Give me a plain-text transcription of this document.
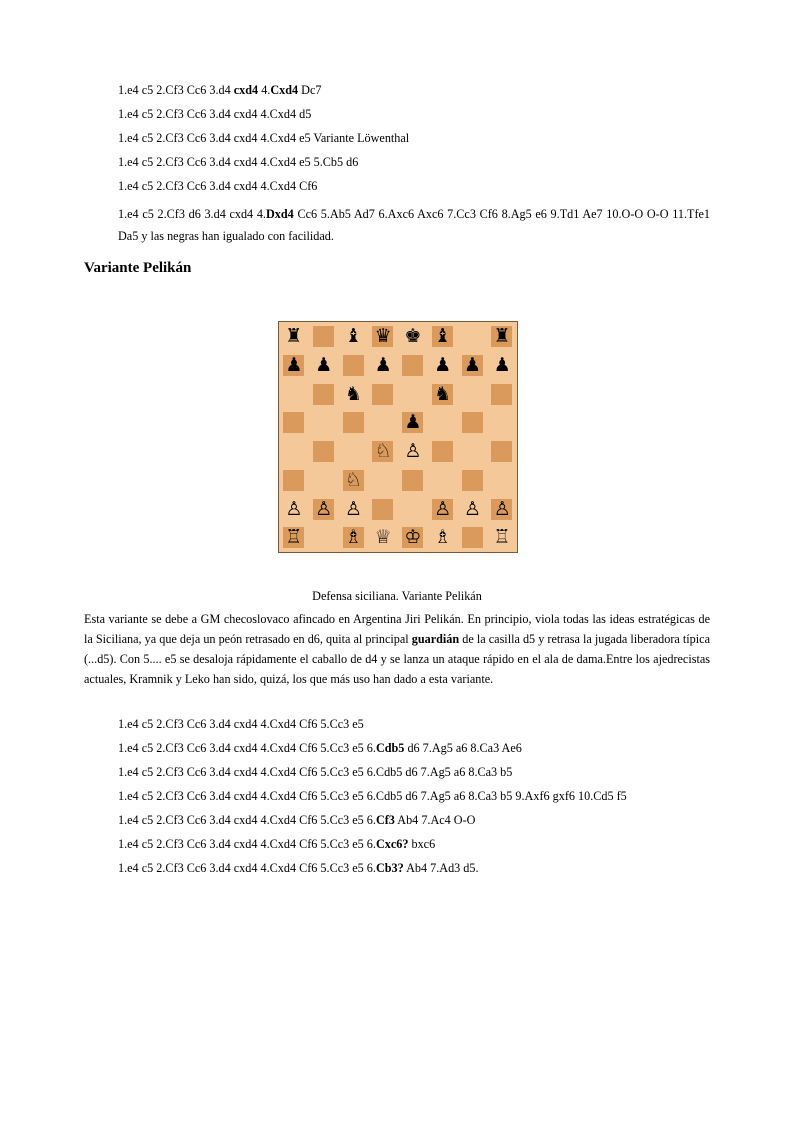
1.e4 c5 2.Cf3 Cc6 3.d4 cxd4 4.Cxd4 Dc7
1.e4 c5 2.Cf3 Cc6 3.d4 cxd4 4.Cxd4 d5
1.e4 c5 2.Cf3 Cc6 3.d4 cxd4 4.Cxd4 e5 Variante Löwenthal
1.e4 c5 2.Cf3 Cc6 3.d4 cxd4 4.Cxd4 e5 5.Cb5 d6
1.e4 c5 2.Cf3 Cc6 3.d4 cxd4 4.Cxd4 Cf6
1.e4 c5 2.Cf3 d6 3.d4 cxd4 4.Dxd4 Cc6 5.Ab5 Ad7 6.Axc6 Axc6 7.Cc3 Cf6 8.Ag5 e6 9.Td1 Ae7 10.O-O O-O 11.Tfe1 Da5 y las negras han igualado con facilidad.
Variante Pelikán
♜	♝ ♛ ♚ ♝	♜
♟ ♟	♟	♟ ♟ ♟
♞	♞
♟
♘ ♙
♘
♙ ♙ ♙	♙ ♙ ♙
♖	♗ ♕ ♔ ♗	♖
Defensa siciliana. Variante Pelikán
Esta variante se debe a GM checoslovaco afincado en Argentina Jiri Pelikán. En principio, viola todas las ideas estratégicas de la Siciliana, ya que deja un peón retrasado en d6, quita al principal guardián de la casilla d5 y retrasa la jugada liberadora típica (...d5). Con 5.... e5 se desaloja rápidamente el caballo de d4 y se lanza un ataque rápido en el ala de dama.Entre los ajedrecistas actuales, Kramnik y Leko han sido, quizá, los que más uso han dado a esta variante.
1.e4 c5 2.Cf3 Cc6 3.d4 cxd4 4.Cxd4 Cf6 5.Cc3 e5
1.e4 c5 2.Cf3 Cc6 3.d4 cxd4 4.Cxd4 Cf6 5.Cc3 e5 6.Cdb5 d6 7.Ag5 a6 8.Ca3 Ae6
1.e4 c5 2.Cf3 Cc6 3.d4 cxd4 4.Cxd4 Cf6 5.Cc3 e5 6.Cdb5 d6 7.Ag5 a6 8.Ca3 b5
1.e4 c5 2.Cf3 Cc6 3.d4 cxd4 4.Cxd4 Cf6 5.Cc3 e5 6.Cdb5 d6 7.Ag5 a6 8.Ca3 b5 9.Axf6 gxf6 10.Cd5 f5
1.e4 c5 2.Cf3 Cc6 3.d4 cxd4 4.Cxd4 Cf6 5.Cc3 e5 6.Cf3 Ab4 7.Ac4 O-O
1.e4 c5 2.Cf3 Cc6 3.d4 cxd4 4.Cxd4 Cf6 5.Cc3 e5 6.Cxc6? bxc6
1.e4 c5 2.Cf3 Cc6 3.d4 cxd4 4.Cxd4 Cf6 5.Cc3 e5 6.Cb3? Ab4 7.Ad3 d5.
